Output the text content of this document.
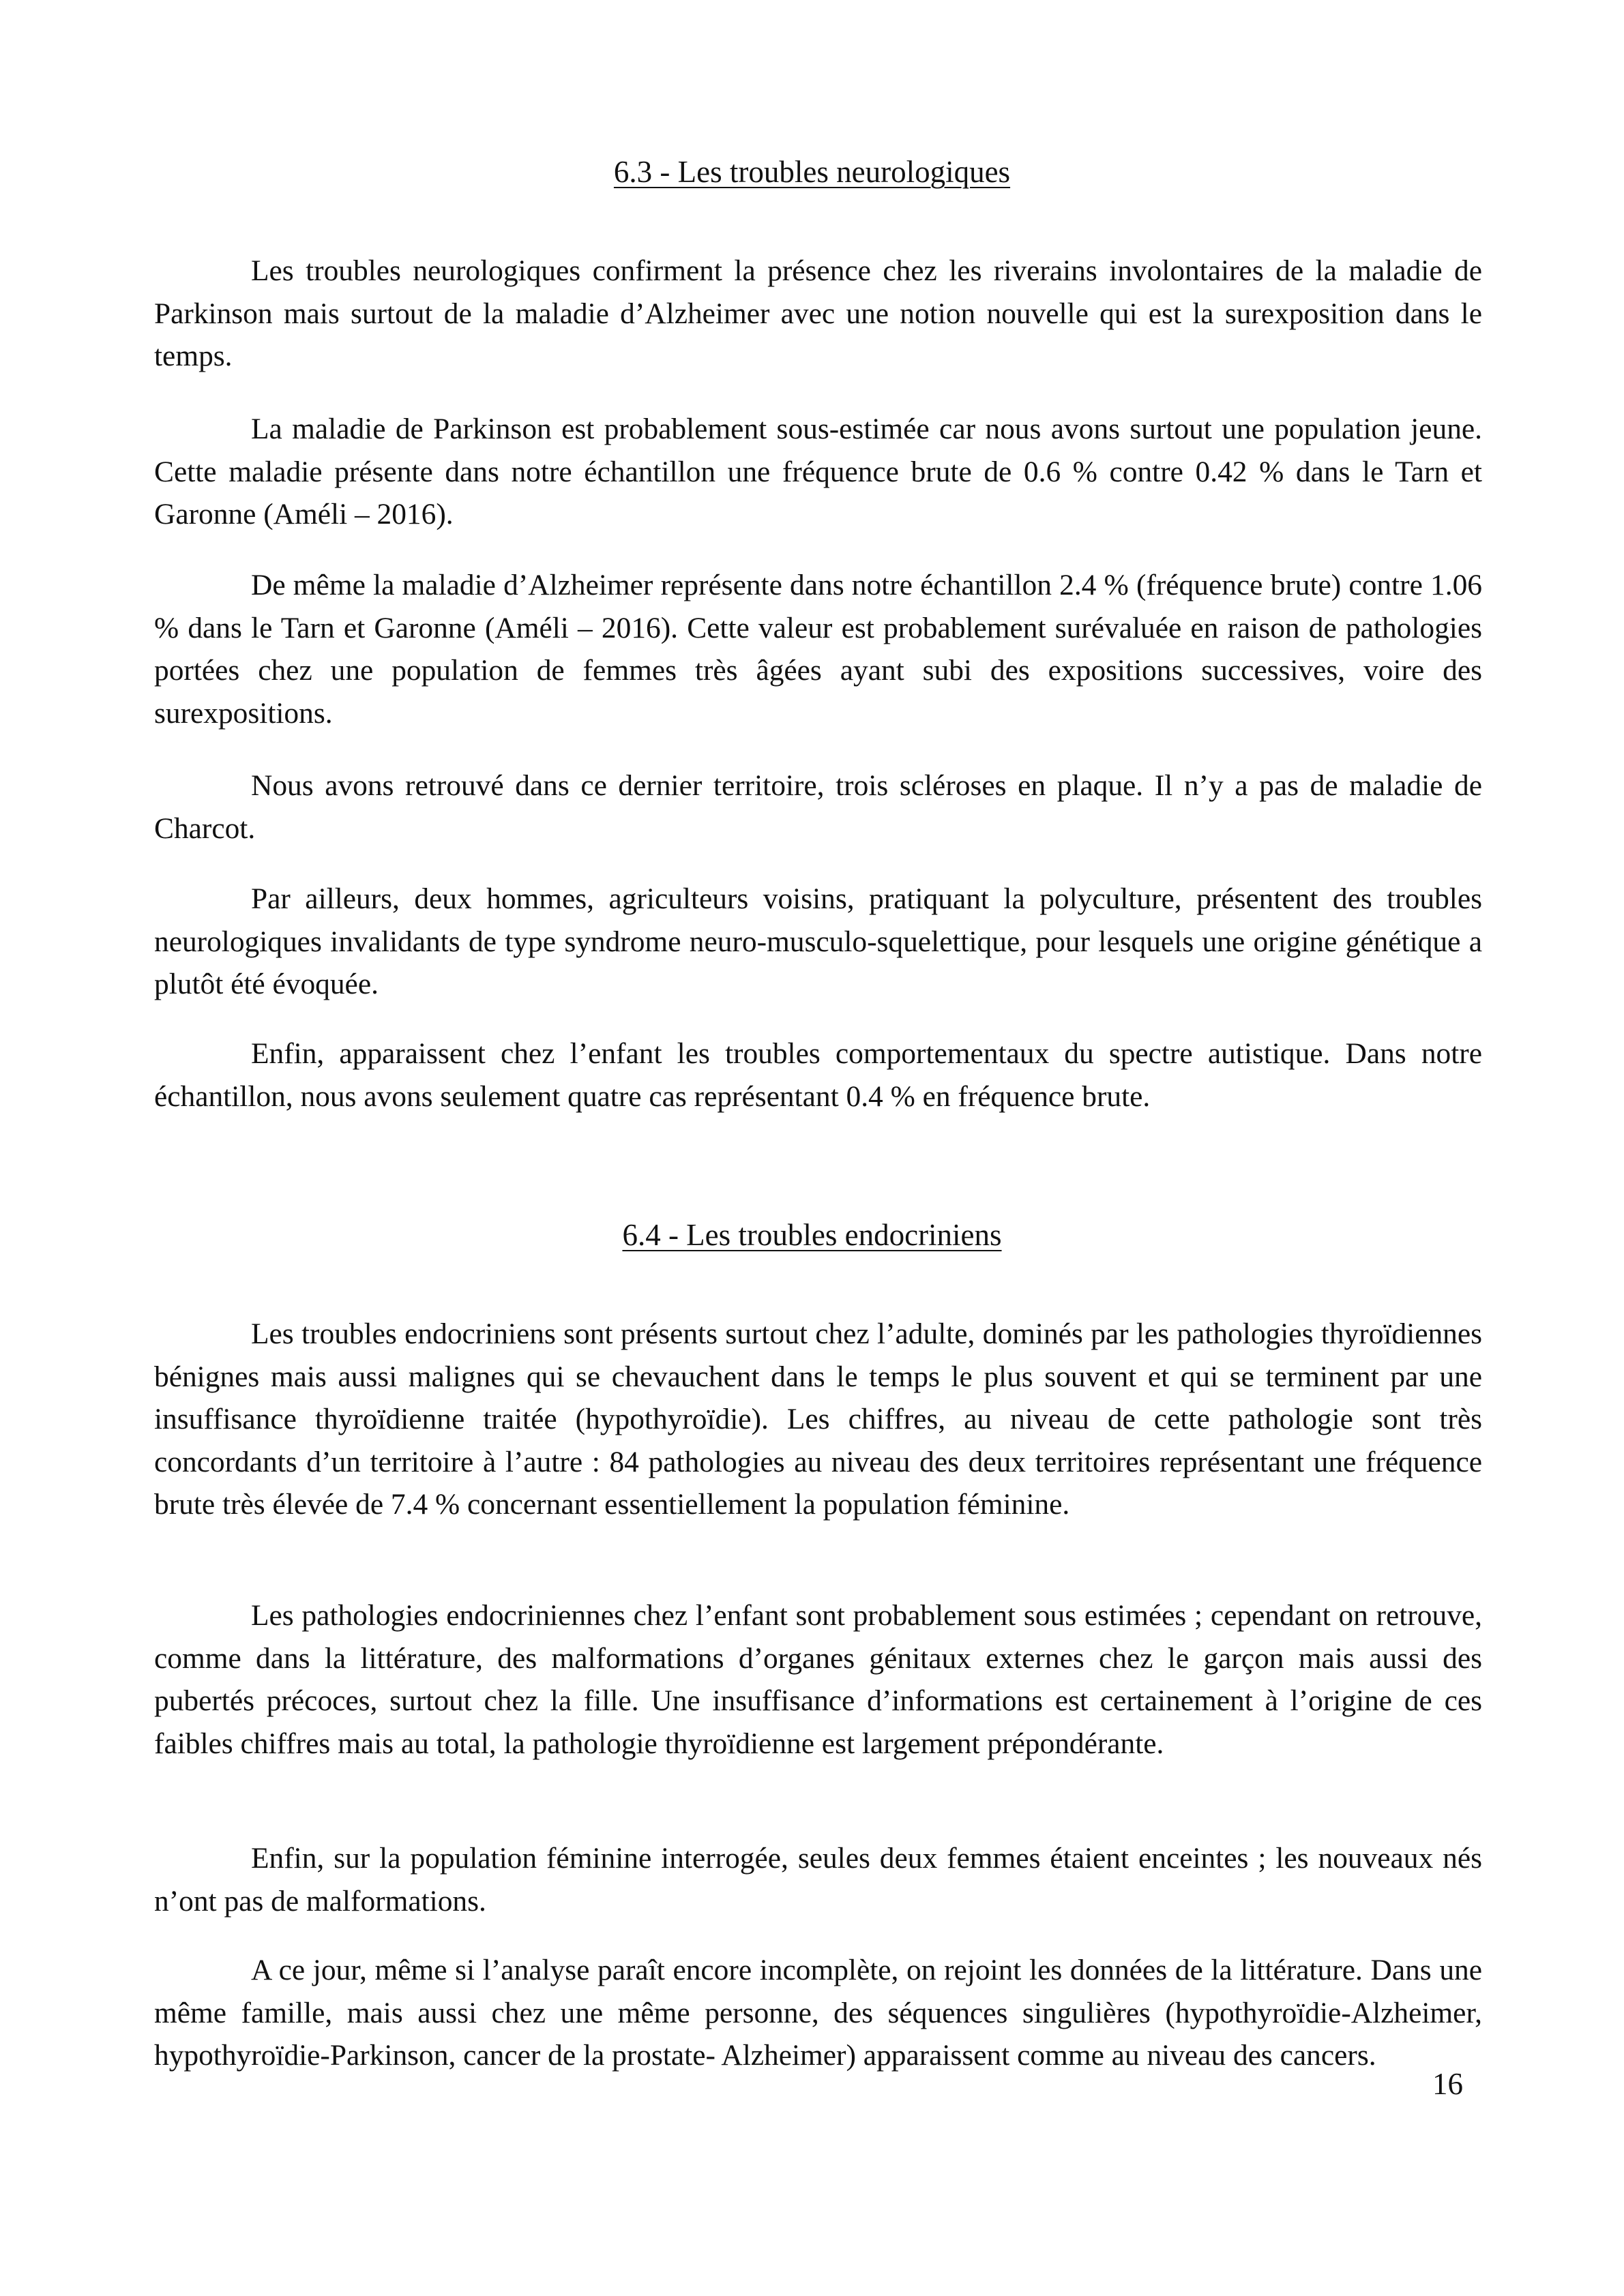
6.3 - Les troubles neurologiques

Les troubles neurologiques confirment la présence chez les riverains involontaires de la maladie de Parkinson mais surtout de la maladie d’Alzheimer avec une notion nouvelle qui est la surexposition dans le temps.

La maladie de Parkinson est probablement sous-estimée car nous avons surtout une population jeune. Cette maladie présente dans notre échantillon une fréquence brute de 0.6 % contre 0.42 % dans le Tarn et Garonne (Améli – 2016).

De même la maladie d’Alzheimer représente dans notre échantillon 2.4 % (fréquence brute) contre 1.06 % dans le Tarn et Garonne (Améli – 2016). Cette valeur est probablement surévaluée en raison de pathologies portées chez une population de femmes très âgées ayant subi des expositions successives, voire des surexpositions.

Nous avons retrouvé dans ce dernier territoire, trois scléroses en plaque. Il n’y a pas de maladie de Charcot.

Par ailleurs, deux hommes, agriculteurs voisins, pratiquant la polyculture, présentent des troubles neurologiques invalidants de type syndrome neuro-musculo-squelettique, pour lesquels une origine génétique a plutôt été évoquée.

Enfin, apparaissent chez l’enfant les troubles comportementaux du spectre autistique. Dans notre échantillon, nous avons seulement quatre cas représentant 0.4 % en fréquence brute.

6.4 - Les troubles endocriniens

Les troubles endocriniens sont présents surtout chez l’adulte, dominés par les pathologies thyroïdiennes bénignes mais aussi malignes qui se chevauchent dans le temps le plus souvent et qui se terminent par une insuffisance thyroïdienne traitée (hypothyroïdie). Les chiffres, au niveau de cette pathologie sont très concordants d’un territoire à l’autre : 84 pathologies au niveau des deux territoires représentant une fréquence brute très élevée de 7.4 % concernant essentiellement la population féminine.

Les pathologies endocriniennes chez l’enfant sont probablement sous estimées ; cependant on retrouve, comme dans la littérature, des malformations d’organes génitaux externes chez le garçon mais aussi des pubertés précoces, surtout chez la fille. Une insuffisance d’informations est certainement à l’origine de ces faibles chiffres mais au total, la pathologie thyroïdienne est largement prépondérante.

Enfin, sur la population féminine interrogée, seules deux femmes étaient enceintes ; les nouveaux nés n’ont pas de malformations.

A ce jour, même si l’analyse paraît encore incomplète, on rejoint les données de la littérature. Dans une même famille, mais aussi chez une même personne, des séquences singulières (hypothyroïdie-Alzheimer, hypothyroïdie-Parkinson, cancer de la prostate- Alzheimer) apparaissent comme au niveau des cancers.

16
